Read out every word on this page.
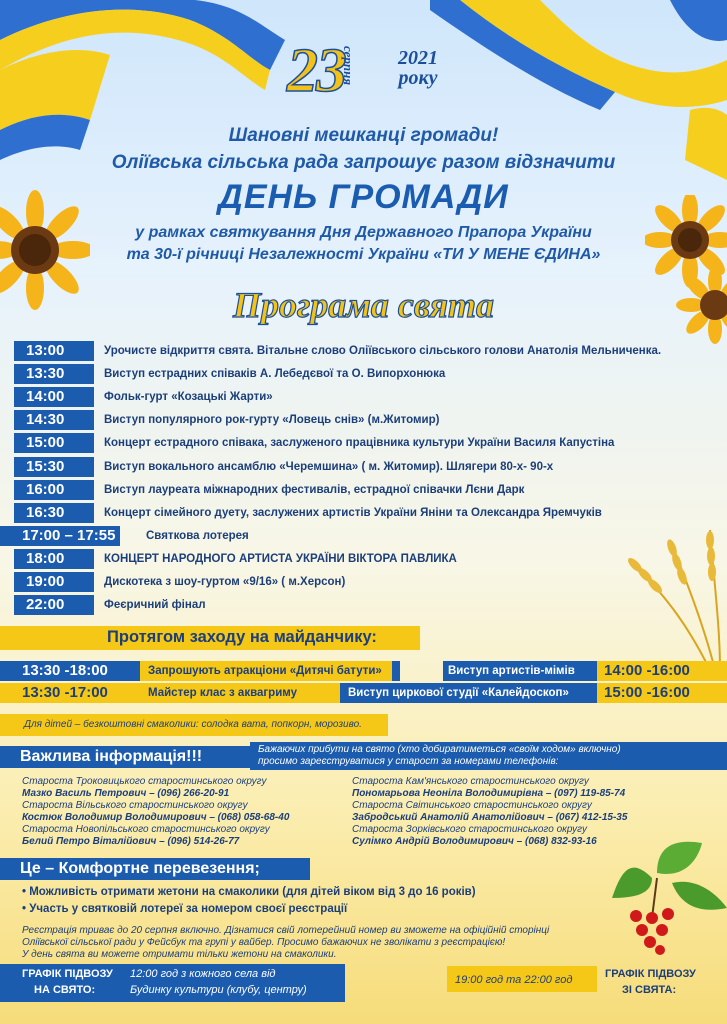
23
серпня 2021
року
Шановні мешканці громади!
Оліївська сільська рада запрошує разом відзначити
ДЕНЬ ГРОМАДИ
у рамках святкування Дня Державного Прапора України
та 30-ї річниці Незалежності України «ТИ У МЕНЕ ЄДИНА»
Програма свята
13:00	Урочисте відкриття свята. Вітальне слово Оліївського сільського голови Анатолія Мельниченка.
13:30	Виступ естрадних співаків А. Лебедєвої та О. Випорхонюка
14:00	Фольк-гурт «Козацькі Жарти»
14:30	Виступ популярного рок-гурту «Ловець снів» (м.Житомир)
15:00	Концерт естрадного співака, заслуженого працівника культури України Василя Капустіна
15:30	Виступ вокального ансамблю «Черемшина» ( м. Житомир). Шлягери 80-х- 90-х
16:00	Виступ лауреата міжнародних фестивалів, естрадної співачки Лєни Дарк
16:30	Концерт сімейного дуету, заслужених артистів України Яніни та Олександра Яремчуків
17:00 – 17:55	Святкова лотерея
18:00	КОНЦЕРТ НАРОДНОГО АРТИСТА УКРАЇНИ ВІКТОРА ПАВЛИКА
19:00	Дискотека з шоу-гуртом «9/16» ( м.Херсон)
22:00	Феєричний фінал
Протягом заходу на майданчику:
13:30 -18:00	Запрошують атракціони «Дитячі батути»	Виступ артистів-мімів 14:00 -16:00
13:30 -17:00	Майстер клас з аквагриму	Виступ циркової студії «Калейдоскоп» 15:00 -16:00
Для дітей – безкоштовні смаколики: солодка вата, попкорн, морозиво.
Важлива інформація!!!	Бажаючих прибути на свято (хто добиратиметься «своїм ходом» включно)
просимо зареєструватися у старост за номерами телефонів:
Староста Троковицького старостинського округу
Мазко Василь Петрович – (096) 266-20-91
Староста Вільського старостинського округу
Костюк Володимир Володимирович – (068) 058-68-40
Староста Новопільського старостинського округу
Белий Петро Віталійович – (096) 514-26-77
Староста Кам'янського старостинського округу
Пономарьова Неоніла Володимирівна – (097) 119-85-74
Староста Світинського старостинського округу
Забродський Анатолій Анатолійович – (067) 412-15-35
Староста Зорківського старостинського округу
Сулімко Андрій Володимирович – (068) 832-93-16
Це – Комфортне перевезення;
• Можливість отримати жетони на смаколики (для дітей віком від 3 до 16 років)
• Участь у святковій лотереї за номером своєї реєстрації
Реєстрація триває до 20 серпня включно. Дізнатися свій лотерейний номер ви зможете на офіційній сторінці
Оліївської сільської ради у Фейсбук та групі у вайбер. Просимо бажаючих не зволікати з реєстрацією!
У день свята ви можете отримати тільки жетони на смаколики.
ГРАФІК ПІДВОЗУ
НА СВЯТО:
12:00 год з кожного села від
Будинку культури (клубу, центру)
19:00 год та 22:00 год	ГРАФІК ПІДВОЗУ
ЗІ СВЯТА:
